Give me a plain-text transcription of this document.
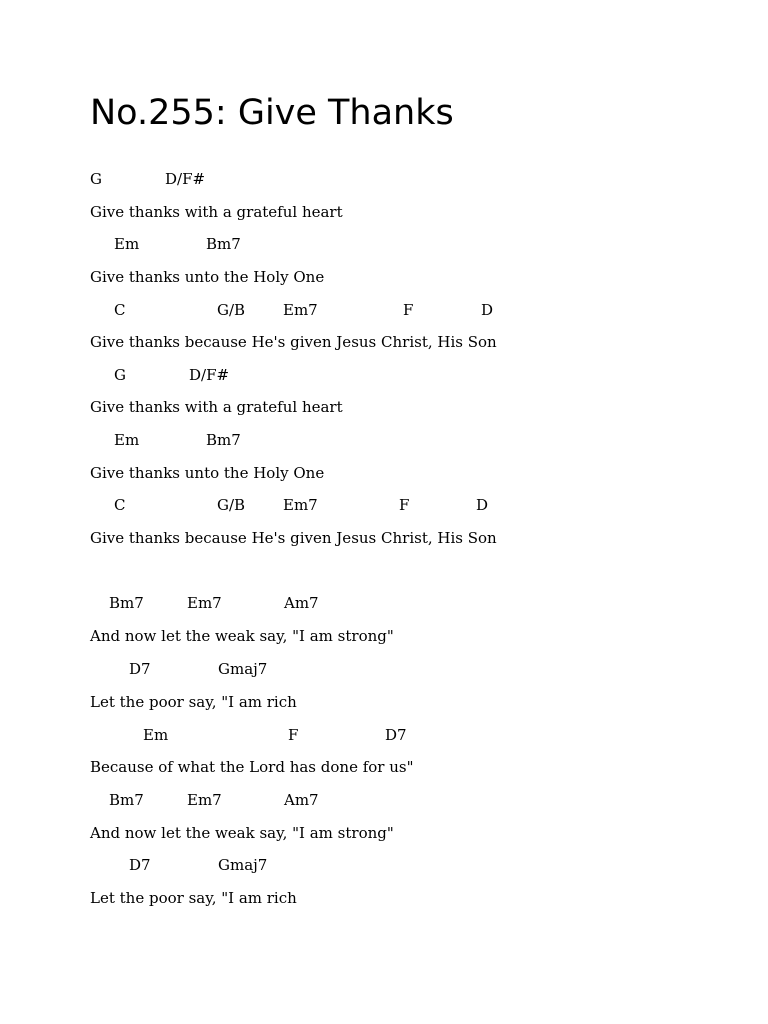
No.255: Give Thanks
G	D/F#
Give thanks with a grateful heart
Em	Bm7
Give thanks unto the Holy One
C	G/B	Em7	F	D
Give thanks because He's given Jesus Christ, His Son
G	D/F#
Give thanks with a grateful heart
Em	Bm7
Give thanks unto the Holy One
C	G/B	Em7	F	D
Give thanks because He's given Jesus Christ, His Son
Bm7	Em7	Am7
And now let the weak say, "I am strong"
D7	Gmaj7
Let the poor say, "I am rich
Em	F	D7
Because of what the Lord has done for us"
Bm7	Em7	Am7
And now let the weak say, "I am strong"
D7	Gmaj7
Let the poor say, "I am rich
